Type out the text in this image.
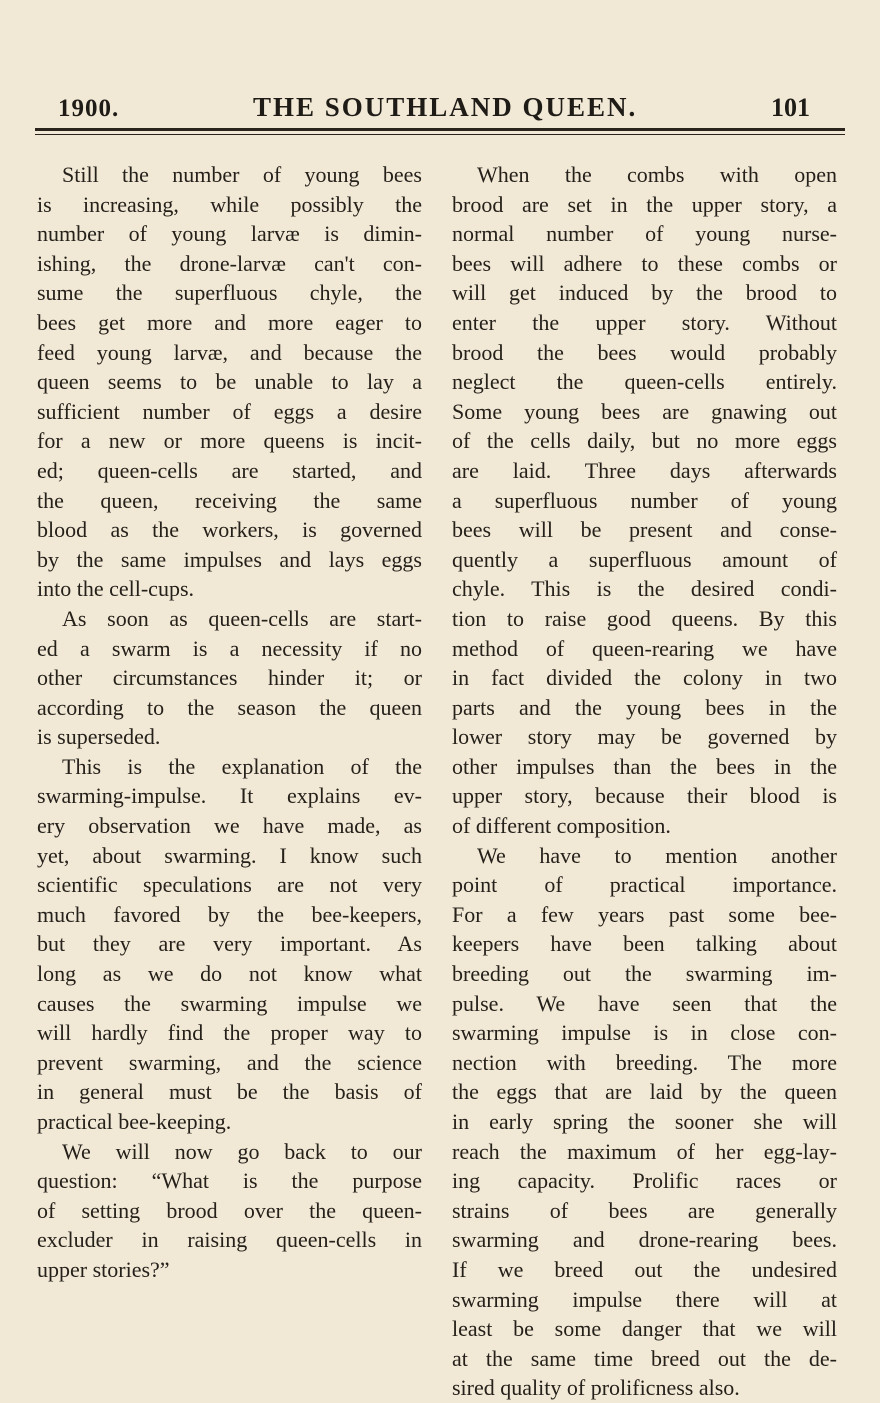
1900.	THE SOUTHLAND QUEEN.	101

Still the number of young bees

is increasing, while possibly the

number of young larvæ is dimin-

ishing, the drone-larvæ can't con-

sume the superfluous chyle, the

bees get more and more eager to

feed young larvæ, and because the

queen seems to be unable to lay a

sufficient number of eggs a desire

for a new or more queens is incit-

ed; queen-cells are started, and

the queen, receiving the same

blood as the workers, is governed

by the same impulses and lays eggs

into the cell-cups.

As soon as queen-cells are start-

ed a swarm is a necessity if no

other circumstances hinder it; or

according to the season the queen

is superseded.

This is the explanation of the

swarming-impulse. It explains ev-

ery observation we have made, as

yet, about swarming. I know such

scientific speculations are not very

much favored by the bee-keepers,

but they are very important. As

long as we do not know what

causes the swarming impulse we

will hardly find the proper way to

prevent swarming, and the science

in general must be the basis of

practical bee-keeping.

We will now go back to our

question: “What is the purpose

of setting brood over the queen-

excluder in raising queen-cells in

upper stories?”

When the combs with open

brood are set in the upper story, a

normal number of young nurse-

bees will adhere to these combs or

will get induced by the brood to

enter the upper story. Without

brood the bees would probably

neglect the queen-cells entirely.

Some young bees are gnawing out

of the cells daily, but no more eggs

are laid. Three days afterwards

a superfluous number of young

bees will be present and conse-

quently a superfluous amount of

chyle. This is the desired condi-

tion to raise good queens. By this

method of queen-rearing we have

in fact divided the colony in two

parts and the young bees in the

lower story may be governed by

other impulses than the bees in the

upper story, because their blood is

of different composition.

We have to mention another

point of practical importance.

For a few years past some bee-

keepers have been talking about

breeding out the swarming im-

pulse. We have seen that the

swarming impulse is in close con-

nection with breeding. The more

the eggs that are laid by the queen

in early spring the sooner she will

reach the maximum of her egg-lay-

ing capacity. Prolific races or

strains of bees are generally

swarming and drone-rearing bees.

If we breed out the undesired

swarming impulse there will at

least be some danger that we will

at the same time breed out the de-

sired quality of prolificness also.
